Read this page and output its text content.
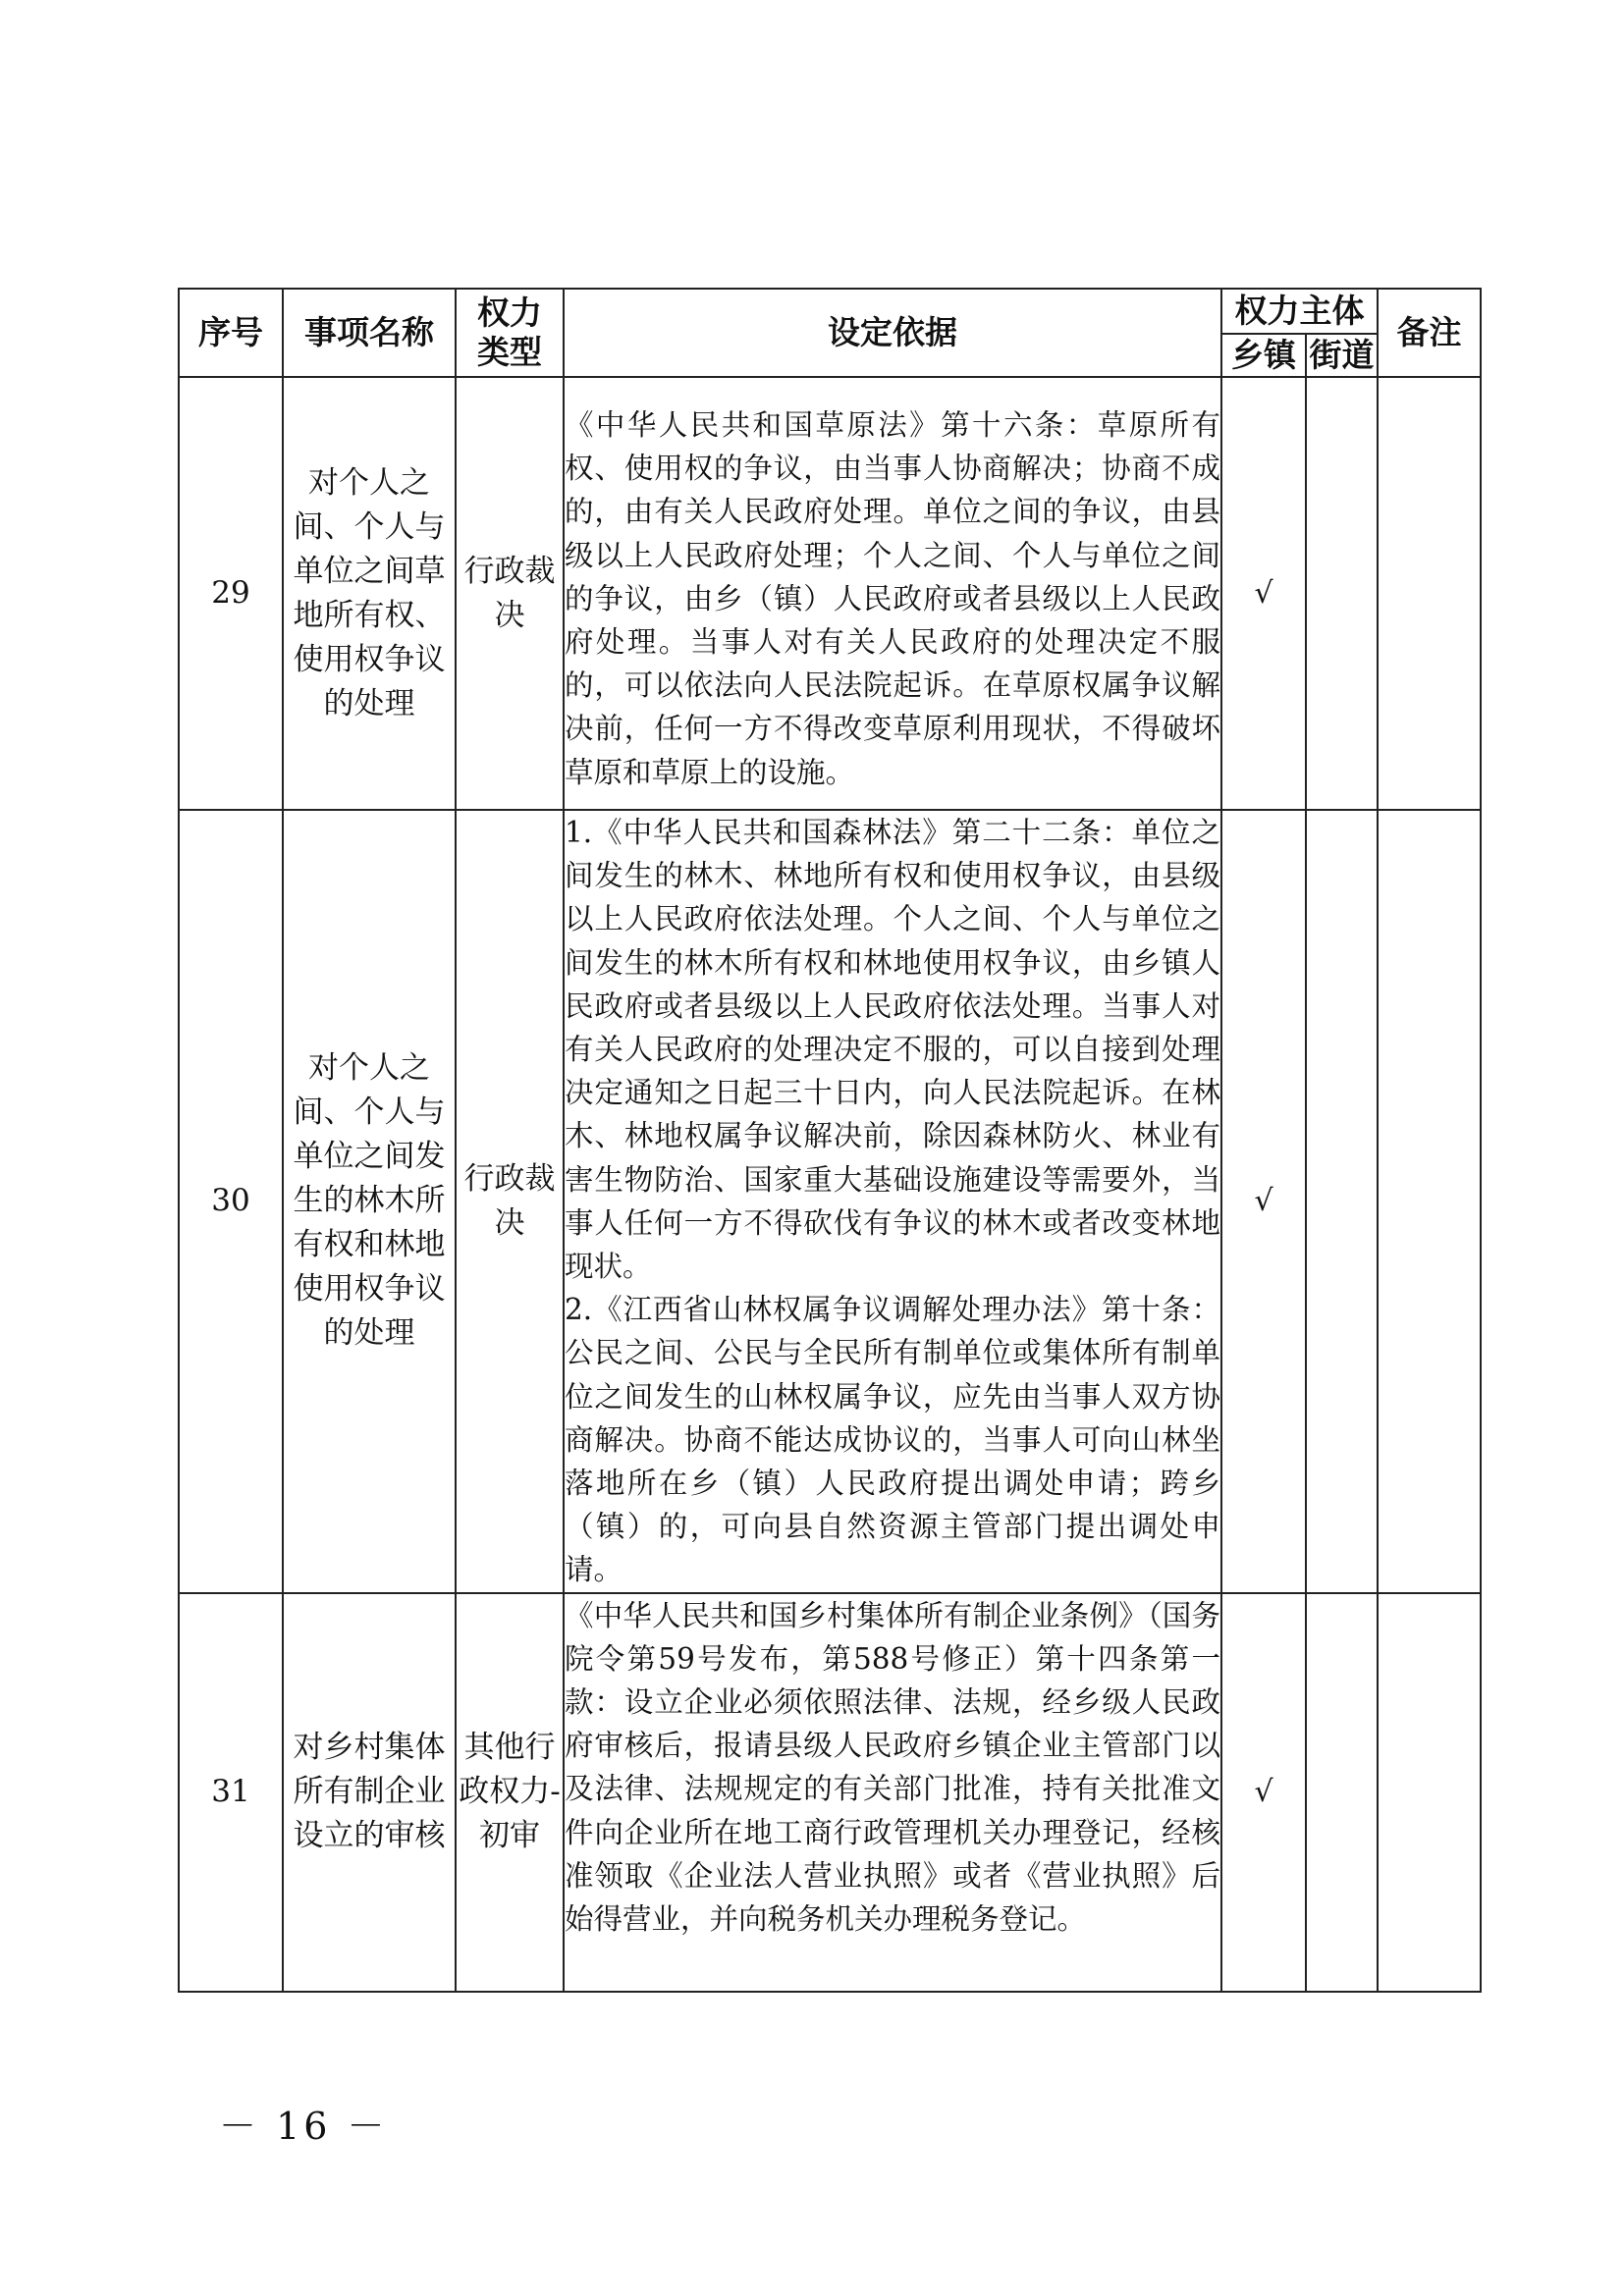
序号	事项名称	权力类型	设定依据	权力主体		备注
				乡镇	街道	
29	对个人之间、个人与单位之间草地所有权、使用权争议的处理	行政裁决	《中华人民共和国草原法》第十六条：草原所有权、使用权的争议，由当事人协商解决；协商不成的，由有关人民政府处理。单位之间的争议，由县级以上人民政府处理；个人之间、个人与单位之间的争议，由乡（镇）人民政府或者县级以上人民政府处理。当事人对有关人民政府的处理决定不服的，可以依法向人民法院起诉。在草原权属争议解决前，任何一方不得改变草原利用现状，不得破坏草原和草原上的设施。	√		
30	对个人之间、个人与单位之间发生的林木所有权和林地使用权争议的处理	行政裁决	1.《中华人民共和国森林法》第二十二条：单位之间发生的林木、林地所有权和使用权争议，由县级以上人民政府依法处理。个人之间、个人与单位之间发生的林木所有权和林地使用权争议，由乡镇人民政府或者县级以上人民政府依法处理。当事人对有关人民政府的处理决定不服的，可以自接到处理决定通知之日起三十日内，向人民法院起诉。在林木、林地权属争议解决前，除因森林防火、林业有害生物防治、国家重大基础设施建设等需要外，当事人任何一方不得砍伐有争议的林木或者改变林地现状。

2.《江西省山林权属争议调解处理办法》第十条：公民之间、公民与全民所有制单位或集体所有制单位之间发生的山林权属争议，应先由当事人双方协商解决。协商不能达成协议的，当事人可向山林坐落地所在乡（镇）人民政府提出调处申请；跨乡（镇）的，可向县自然资源主管部门提出调处申请。	√		
31	对乡村集体所有制企业设立的审核	其他行政权力-初审	《中华人民共和国乡村集体所有制企业条例》（国务院令第59号发布，第588号修正）第十四条第一款：设立企业必须依照法律、法规，经乡级人民政府审核后，报请县级人民政府乡镇企业主管部门以及法律、法规规定的有关部门批准，持有关批准文件向企业所在地工商行政管理机关办理登记，经核准领取《企业法人营业执照》或者《营业执照》后始得营业，并向税务机关办理税务登记。	√		
－ 16 －
